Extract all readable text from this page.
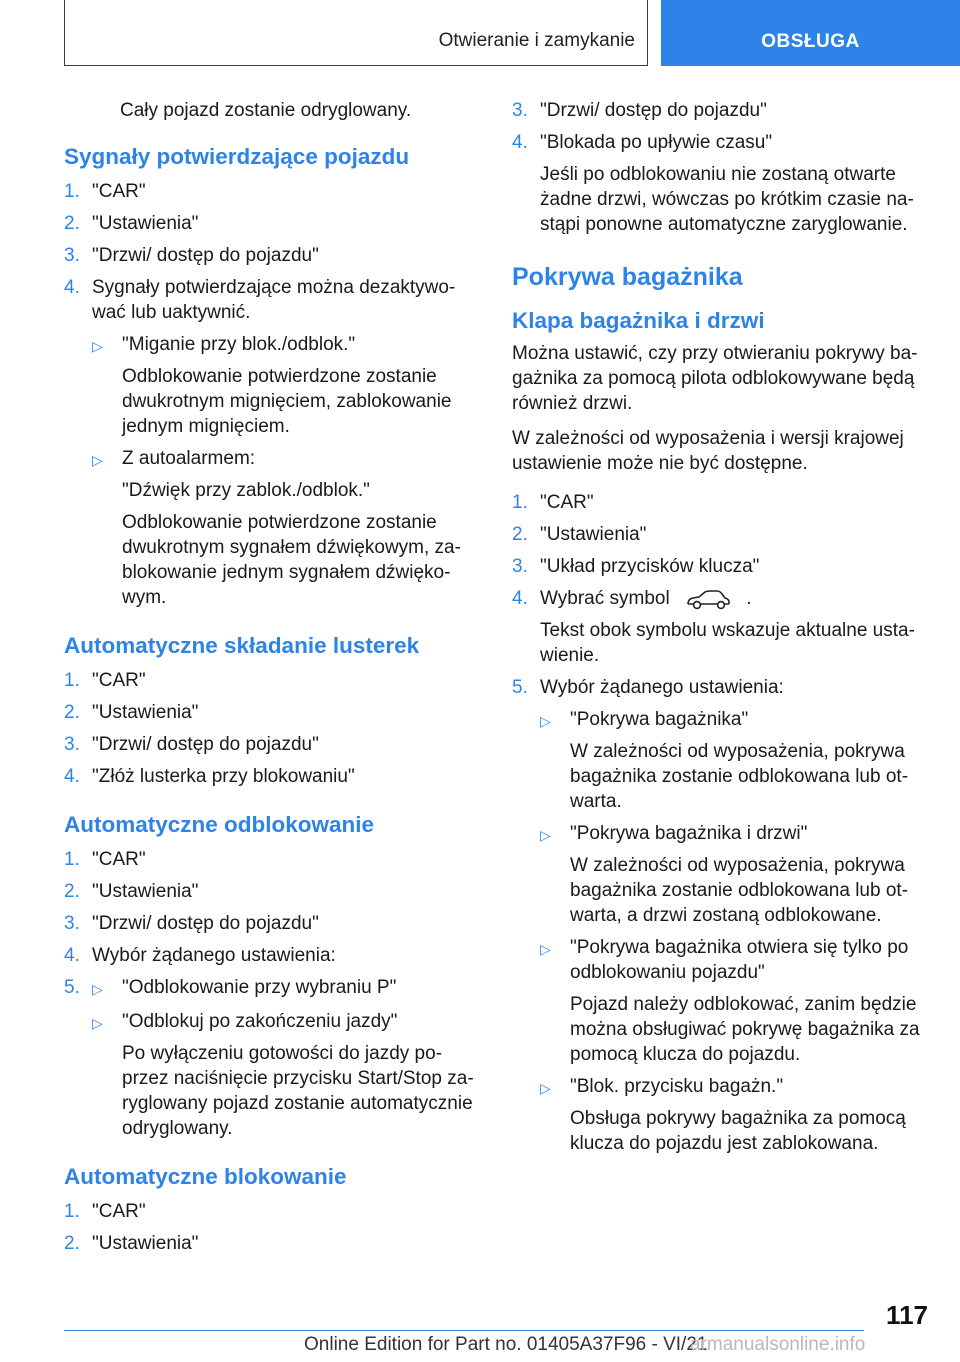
Otwieranie i zamykanie	OBSŁUGA
Cały pojazd zostanie odryglowany.
Sygnały potwierdzające pojazdu
1. "CAR"
2. "Ustawienia"
3. "Drzwi/ dostęp do pojazdu"
4. Sygnały potwierdzające można dezaktywować lub uaktywnić.
▷	"Miganie przy blok./odblok."
Odblokowanie potwierdzone zostanie dwukrotnym mignięciem, zablokowanie jednym mignięciem.
▷	Z autoalarmem:
"Dźwięk przy zablok./odblok."
Odblokowanie potwierdzone zostanie dwukrotnym sygnałem dźwiękowym, zablokowanie jednym sygnałem dźwiękowym.
Automatyczne składanie lusterek
1. "CAR"
2. "Ustawienia"
3. "Drzwi/ dostęp do pojazdu"
4. "Złóż lusterka przy blokowaniu"
Automatyczne odblokowanie
1. "CAR"
2. "Ustawienia"
3. "Drzwi/ dostęp do pojazdu"
4. Wybór żądanego ustawienia:
5. ▷	"Odblokowanie przy wybraniu P"
▷	"Odblokuj po zakończeniu jazdy"
Po wyłączeniu gotowości do jazdy poprzez naciśnięcie przycisku Start/Stop zaryglowany pojazd zostanie automatycznie odryglowany.
Automatyczne blokowanie
1. "CAR"
2. "Ustawienia"
3. "Drzwi/ dostęp do pojazdu"
4. "Blokada po upływie czasu"
Jeśli po odblokowaniu nie zostaną otwarte żadne drzwi, wówczas po krótkim czasie nastąpi ponowne automatyczne zaryglowanie.
Pokrywa bagażnika
Klapa bagażnika i drzwi
Można ustawić, czy przy otwieraniu pokrywy bagażnika za pomocą pilota odblokowywane będą również drzwi.
W zależności od wyposażenia i wersji krajowej ustawienie może nie być dostępne.
1. "CAR"
2. "Ustawienia"
3. "Układ przycisków klucza"
4. Wybrać symbol	.
Tekst obok symbolu wskazuje aktualne ustawienie.
5. Wybór żądanego ustawienia:
▷	"Pokrywa bagażnika"
W zależności od wyposażenia, pokrywa bagażnika zostanie odblokowana lub otwarta.
▷	"Pokrywa bagażnika i drzwi"
W zależności od wyposażenia, pokrywa bagażnika zostanie odblokowana lub otwarta, a drzwi zostaną odblokowane.
▷	"Pokrywa bagażnika otwiera się tylko po odblokowaniu pojazdu"
Pojazd należy odblokować, zanim będzie można obsługiwać pokrywę bagażnika za pomocą klucza do pojazdu.
▷	"Blok. przycisku bagażn."
Obsługa pokrywy bagażnika za pomocą klucza do pojazdu jest zablokowana.
117
Online Edition for Part no. 01405A37F96 - VI/21
armanualsonline.info
